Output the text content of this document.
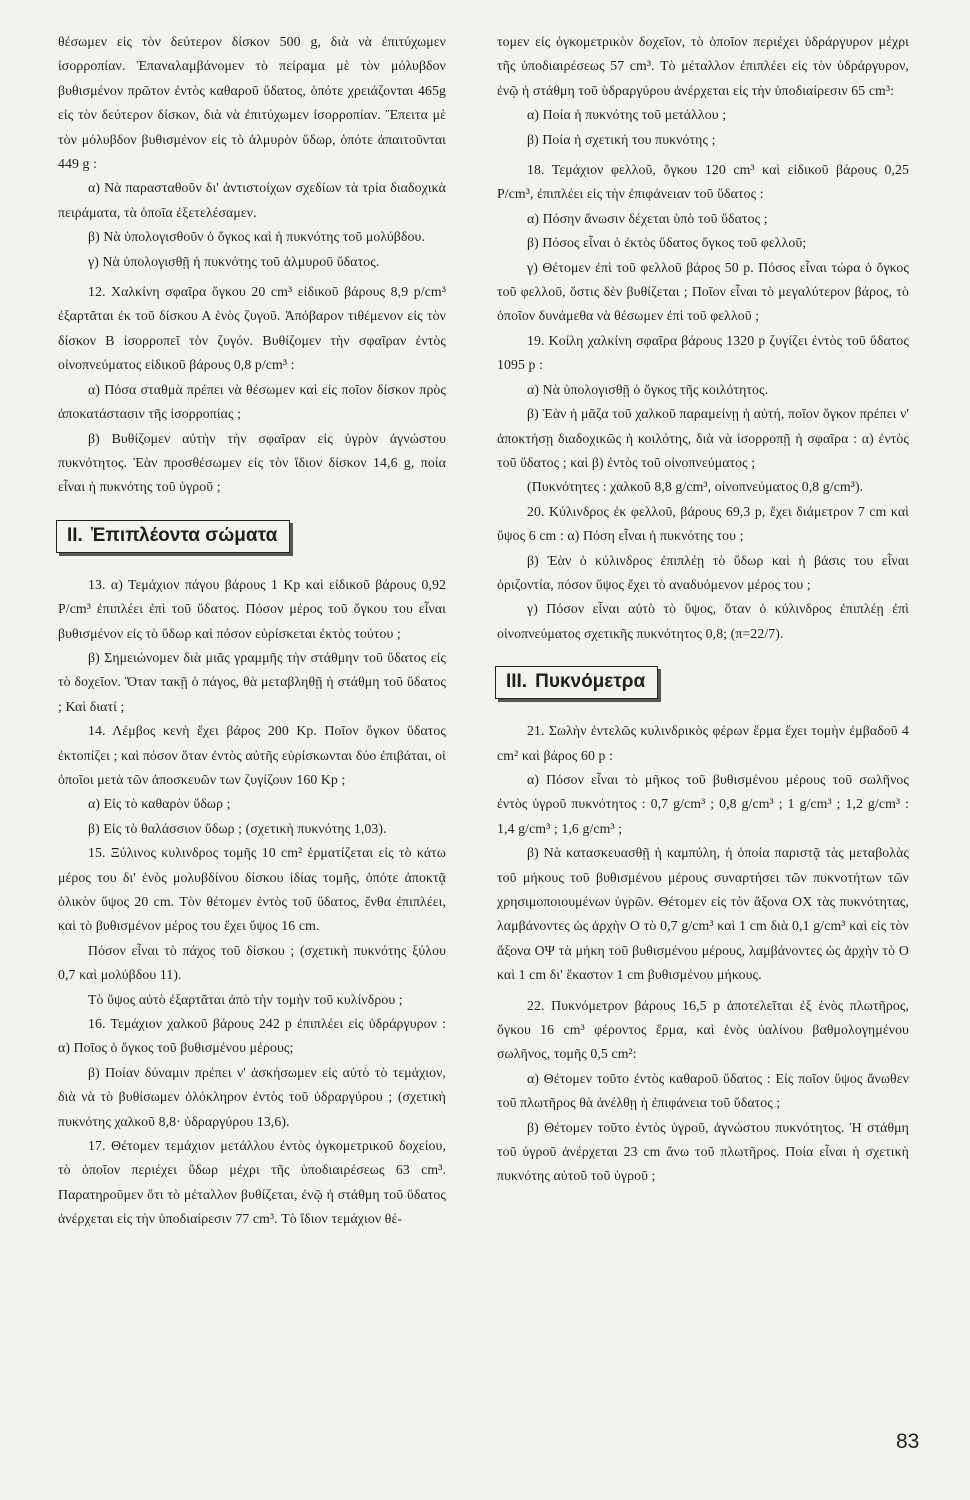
θέσωμεν εἰς τὸν δεύτερον δίσκον 500 g, διὰ νὰ ἐπιτύχωμεν ἰσορροπίαν. Ἐπαναλαμβάνομεν τὸ πείραμα μὲ τὸν μόλυβδον βυθισμένον πρῶτον ἐντὸς καθαροῦ ὕδατος, ὁπότε χρειάζονται 465g εἰς τὸν δεύτερον δίσκον, διὰ νὰ ἐπιτύχωμεν ἰσορροπίαν. Ἔπειτα μὲ τὸν μόλυβδον βυθισμένον εἰς τὸ ἁλμυρὸν ὕδωρ, ὁπότε ἀπαιτοῦνται 449 g :

α) Νὰ παρασταθοῦν δι' ἀντιστοίχων σχεδίων τὰ τρία διαδοχικὰ πειράματα, τὰ ὁποῖα ἐξετελέσαμεν.

β) Νὰ ὑπολογισθοῦν ὁ ὄγκος καὶ ἡ πυκνότης τοῦ μολύβδου.

γ) Νὰ ὑπολογισθῇ ἡ πυκνότης τοῦ ἁλμυροῦ ὕδατος.

12. Χαλκίνη σφαῖρα ὄγκου 20 cm³ εἰδικοῦ βάρους 8,9 p/cm³ ἐξαρτᾶται ἐκ τοῦ δίσκου Α ἑνὸς ζυγοῦ. Ἀπόβαρον τιθέμενον εἰς τὸν δίσκον Β ἰσορροπεῖ τὸν ζυγόν. Βυθίζομεν τὴν σφαῖραν ἐντὸς οἰνοπνεύματος εἰδικοῦ βάρους 0,8 p/cm³ :

α) Πόσα σταθμὰ πρέπει νὰ θέσωμεν καὶ εἰς ποῖον δίσκον πρὸς ἀποκατάστασιν τῆς ἰσορροπίας ;

β) Βυθίζομεν αὐτὴν τὴν σφαῖραν εἰς ὑγρὸν ἀγνώστου πυκνότητος. Ἐὰν προσθέσωμεν εἰς τὸν ἴδιον δίσκον 14,6 g, ποία εἶναι ἡ πυκνότης τοῦ ὑγροῦ ;

II. Ἐπιπλέοντα σώματα

13. α) Τεμάχιον πάγου βάρους 1 Kp καὶ εἰδικοῦ βάρους 0,92 P/cm³ ἐπιπλέει ἐπὶ τοῦ ὕδατος. Πόσον μέρος τοῦ ὄγκου του εἶναι βυθισμένον εἰς τὸ ὕδωρ καὶ πόσον εὑρίσκεται ἐκτὸς τούτου ;

β) Σημειώνομεν διὰ μιᾶς γραμμῆς τὴν στάθμην τοῦ ὕδατος εἰς τὸ δοχεῖον. Ὅταν τακῇ ὁ πάγος, θὰ μεταβληθῇ ἡ στάθμη τοῦ ὕδατος ; Καὶ διατί ;

14. Λέμβος κενὴ ἔχει βάρος 200 Kp. Ποῖον ὄγκον ὕδατος ἐκτοπίζει ; καὶ πόσον ὅταν ἐντὸς αὐτῆς εὑρίσκωνται δύο ἐπιβάται, οἱ ὁποῖοι μετὰ τῶν ἀποσκευῶν των ζυγίζουν 160 Kp ;

α) Εἰς τὸ καθαρὸν ὕδωρ ;

β) Εἰς τὸ θαλάσσιον ὕδωρ ; (σχετικὴ πυκνότης 1,03).

15. Ξύλινος κυλινδρος τομῆς 10 cm² ἑρματίζεται εἰς τὸ κάτω μέρος του δι' ἑνὸς μολυβδίνου δίσκου ἰδίας τομῆς, ὁπότε ἀποκτᾷ ὁλικὸν ὕψος 20 cm. Τὸν θέτομεν ἐντὸς τοῦ ὕδατος, ἔνθα ἐπιπλέει, καὶ τὸ βυθισμένον μέρος του ἔχει ὕψος 16 cm.

Πόσον εἶναι τὸ πάχος τοῦ δίσκου ; (σχετικὴ πυκνότης ξύλου 0,7 καὶ μολύβδου 11).

Τὸ ὕψος αὐτὸ ἐξαρτᾶται ἀπὸ τὴν τομὴν τοῦ κυλίνδρου ;

16. Τεμάχιον χαλκοῦ βάρους 242 p ἐπιπλέει εἰς ὑδράργυρον : α) Ποῖος ὁ ὄγκος τοῦ βυθισμένου μέρους;

β) Ποίαν δύναμιν πρέπει ν' ἀσκήσωμεν εἰς αὐτὸ τὸ τεμάχιον, διὰ νὰ τὸ βυθίσωμεν ὁλόκληρον ἐντὸς τοῦ ὑδραργύρου ; (σχετικὴ πυκνότης χαλκοῦ 8,8· ὑδραργύρου 13,6).

17. Θέτομεν τεμάχιον μετάλλου ἐντὸς ὀγκομετρικοῦ δοχείου, τὸ ὁποῖον περιέχει ὕδωρ μέχρι τῆς ὑποδιαιρέσεως 63 cm³. Παρατηροῦμεν ὅτι τὸ μέταλλον βυθίζεται, ἐνῷ ἡ στάθμη τοῦ ὕδατος ἀνέρχεται εἰς τὴν ὑποδιαίρεσιν 77 cm³. Τὸ ἴδιον τεμάχιον θέ-

τομεν εἰς ὀγκομετρικὸν δοχεῖον, τὸ ὁποῖον περιέχει ὑδράργυρον μέχρι τῆς ὑποδιαιρέσεως 57 cm³. Τὸ μέταλλον ἐπιπλέει εἰς τὸν ὑδράργυρον, ἐνῷ ἡ στάθμη τοῦ ὑδραργύρου ἀνέρχεται εἰς τὴν ὑποδιαίρεσιν 65 cm³:

α) Ποία ἡ πυκνότης τοῦ μετάλλου ;

β) Ποία ἡ σχετική του πυκνότης ;

18. Τεμάχιον φελλοῦ, ὄγκου 120 cm³ καὶ εἰδικοῦ βάρους 0,25 P/cm³, ἐπιπλέει εἰς τὴν ἐπιφάνειαν τοῦ ὕδατος :

α) Πόσην ἄνωσιν δέχεται ὑπὸ τοῦ ὕδατος ;

β) Πόσος εἶναι ὁ ἐκτὸς ὕδατος ὄγκος τοῦ φελλοῦ;

γ) Θέτομεν ἐπὶ τοῦ φελλοῦ βάρος 50 p. Πόσος εἶναι τώρα ὁ ὄγκος τοῦ φελλοῦ, ὅστις δὲν βυθίζεται ; Ποῖον εἶναι τὸ μεγαλύτερον βάρος, τὸ ὁποῖον δυνάμεθα νὰ θέσωμεν ἐπὶ τοῦ φελλοῦ ;

19. Κοίλη χαλκίνη σφαῖρα βάρους 1320 p ζυγίζει ἐντὸς τοῦ ὕδατος 1095 p :

α) Νὰ ὑπολογισθῇ ὁ ὄγκος τῆς κοιλότητος.

β) Ἐὰν ἡ μᾶζα τοῦ χαλκοῦ παραμείνῃ ἡ αὐτή, ποῖον ὄγκον πρέπει ν' ἀποκτήσῃ διαδοχικῶς ἡ κοιλότης, διὰ νὰ ἰσορροπῇ ἡ σφαῖρα : α) ἐντὸς τοῦ ὕδατος ; καὶ β) ἐντὸς τοῦ οἰνοπνεύματος ;

(Πυκνότητες : χαλκοῦ 8,8 g/cm³, οἰνοπνεύματος 0,8 g/cm³).

20. Κύλινδρος ἐκ φελλοῦ, βάρους 69,3 p, ἔχει διάμετρον 7 cm καὶ ὕψος 6 cm : α) Πόση εἶναι ἡ πυκνότης του ;

β) Ἐὰν ὁ κύλινδρος ἐπιπλέῃ τὸ ὕδωρ καὶ ἡ βάσις του εἶναι ὁριζοντία, πόσον ὕψος ἔχει τὸ αναδυόμενον μέρος του ;

γ) Πόσον εἶναι αὐτὸ τὸ ὕψος, ὅταν ὁ κύλινδρος ἐπιπλέῃ ἐπὶ οἰνοπνεύματος σχετικῆς πυκνότητος 0,8; (π=22/7).

III. Πυκνόμετρα

21. Σωλὴν ἐντελῶς κυλινδρικὸς φέρων ἕρμα ἔχει τομὴν ἐμβαδοῦ 4 cm² καὶ βάρος 60 p :

α) Πόσον εἶναι τὸ μῆκος τοῦ βυθισμένου μέρους τοῦ σωλῆνος ἐντὸς ὑγροῦ πυκνότητος : 0,7 g/cm³ ; 0,8 g/cm³ ; 1 g/cm³ ; 1,2 g/cm³ : 1,4 g/cm³ ; 1,6 g/cm³ ;

β) Νὰ κατασκευασθῇ ἡ καμπύλη, ἡ ὁποία παριστᾷ τὰς μεταβολὰς τοῦ μήκους τοῦ βυθισμένου μέρους συναρτήσει τῶν πυκνοτήτων τῶν χρησιμοποιουμένων ὑγρῶν. Θέτομεν εἰς τὸν ἄξονα ΟΧ τὰς πυκνότητας, λαμβάνοντες ὡς ἀρχὴν Ο τὸ 0,7 g/cm³ καὶ 1 cm διὰ 0,1 g/cm³ καὶ εἰς τὸν ἄξονα ΟΨ τὰ μήκη τοῦ βυθισμένου μέρους, λαμβάνοντες ὡς ἀρχὴν τὸ Ο καὶ 1 cm δι' ἕκαστον 1 cm βυθισμένου μήκους.

22. Πυκνόμετρον βάρους 16,5 p ἀποτελεῖται ἐξ ἑνὸς πλωτῆρος, ὄγκου 16 cm³ φέροντος ἕρμα, καὶ ἑνὸς ὑαλίνου βαθμολογημένου σωλῆνος, τομῆς 0,5 cm²:

α) Θέτομεν τοῦτο ἐντὸς καθαροῦ ὕδατος : Εἰς ποῖον ὕψος ἄνωθεν τοῦ πλωτῆρος θὰ ἀνέλθῃ ἡ ἐπιφάνεια τοῦ ὕδατος ;

β) Θέτομεν τοῦτο ἐντὸς ὑγροῦ, ἀγνώστου πυκνότητος. Ἡ στάθμη τοῦ ὑγροῦ ἀνέρχεται 23 cm ἄνω τοῦ πλωτῆρος. Ποία εἶναι ἡ σχετικὴ πυκνότης αὐτοῦ τοῦ ὑγροῦ ;

83
